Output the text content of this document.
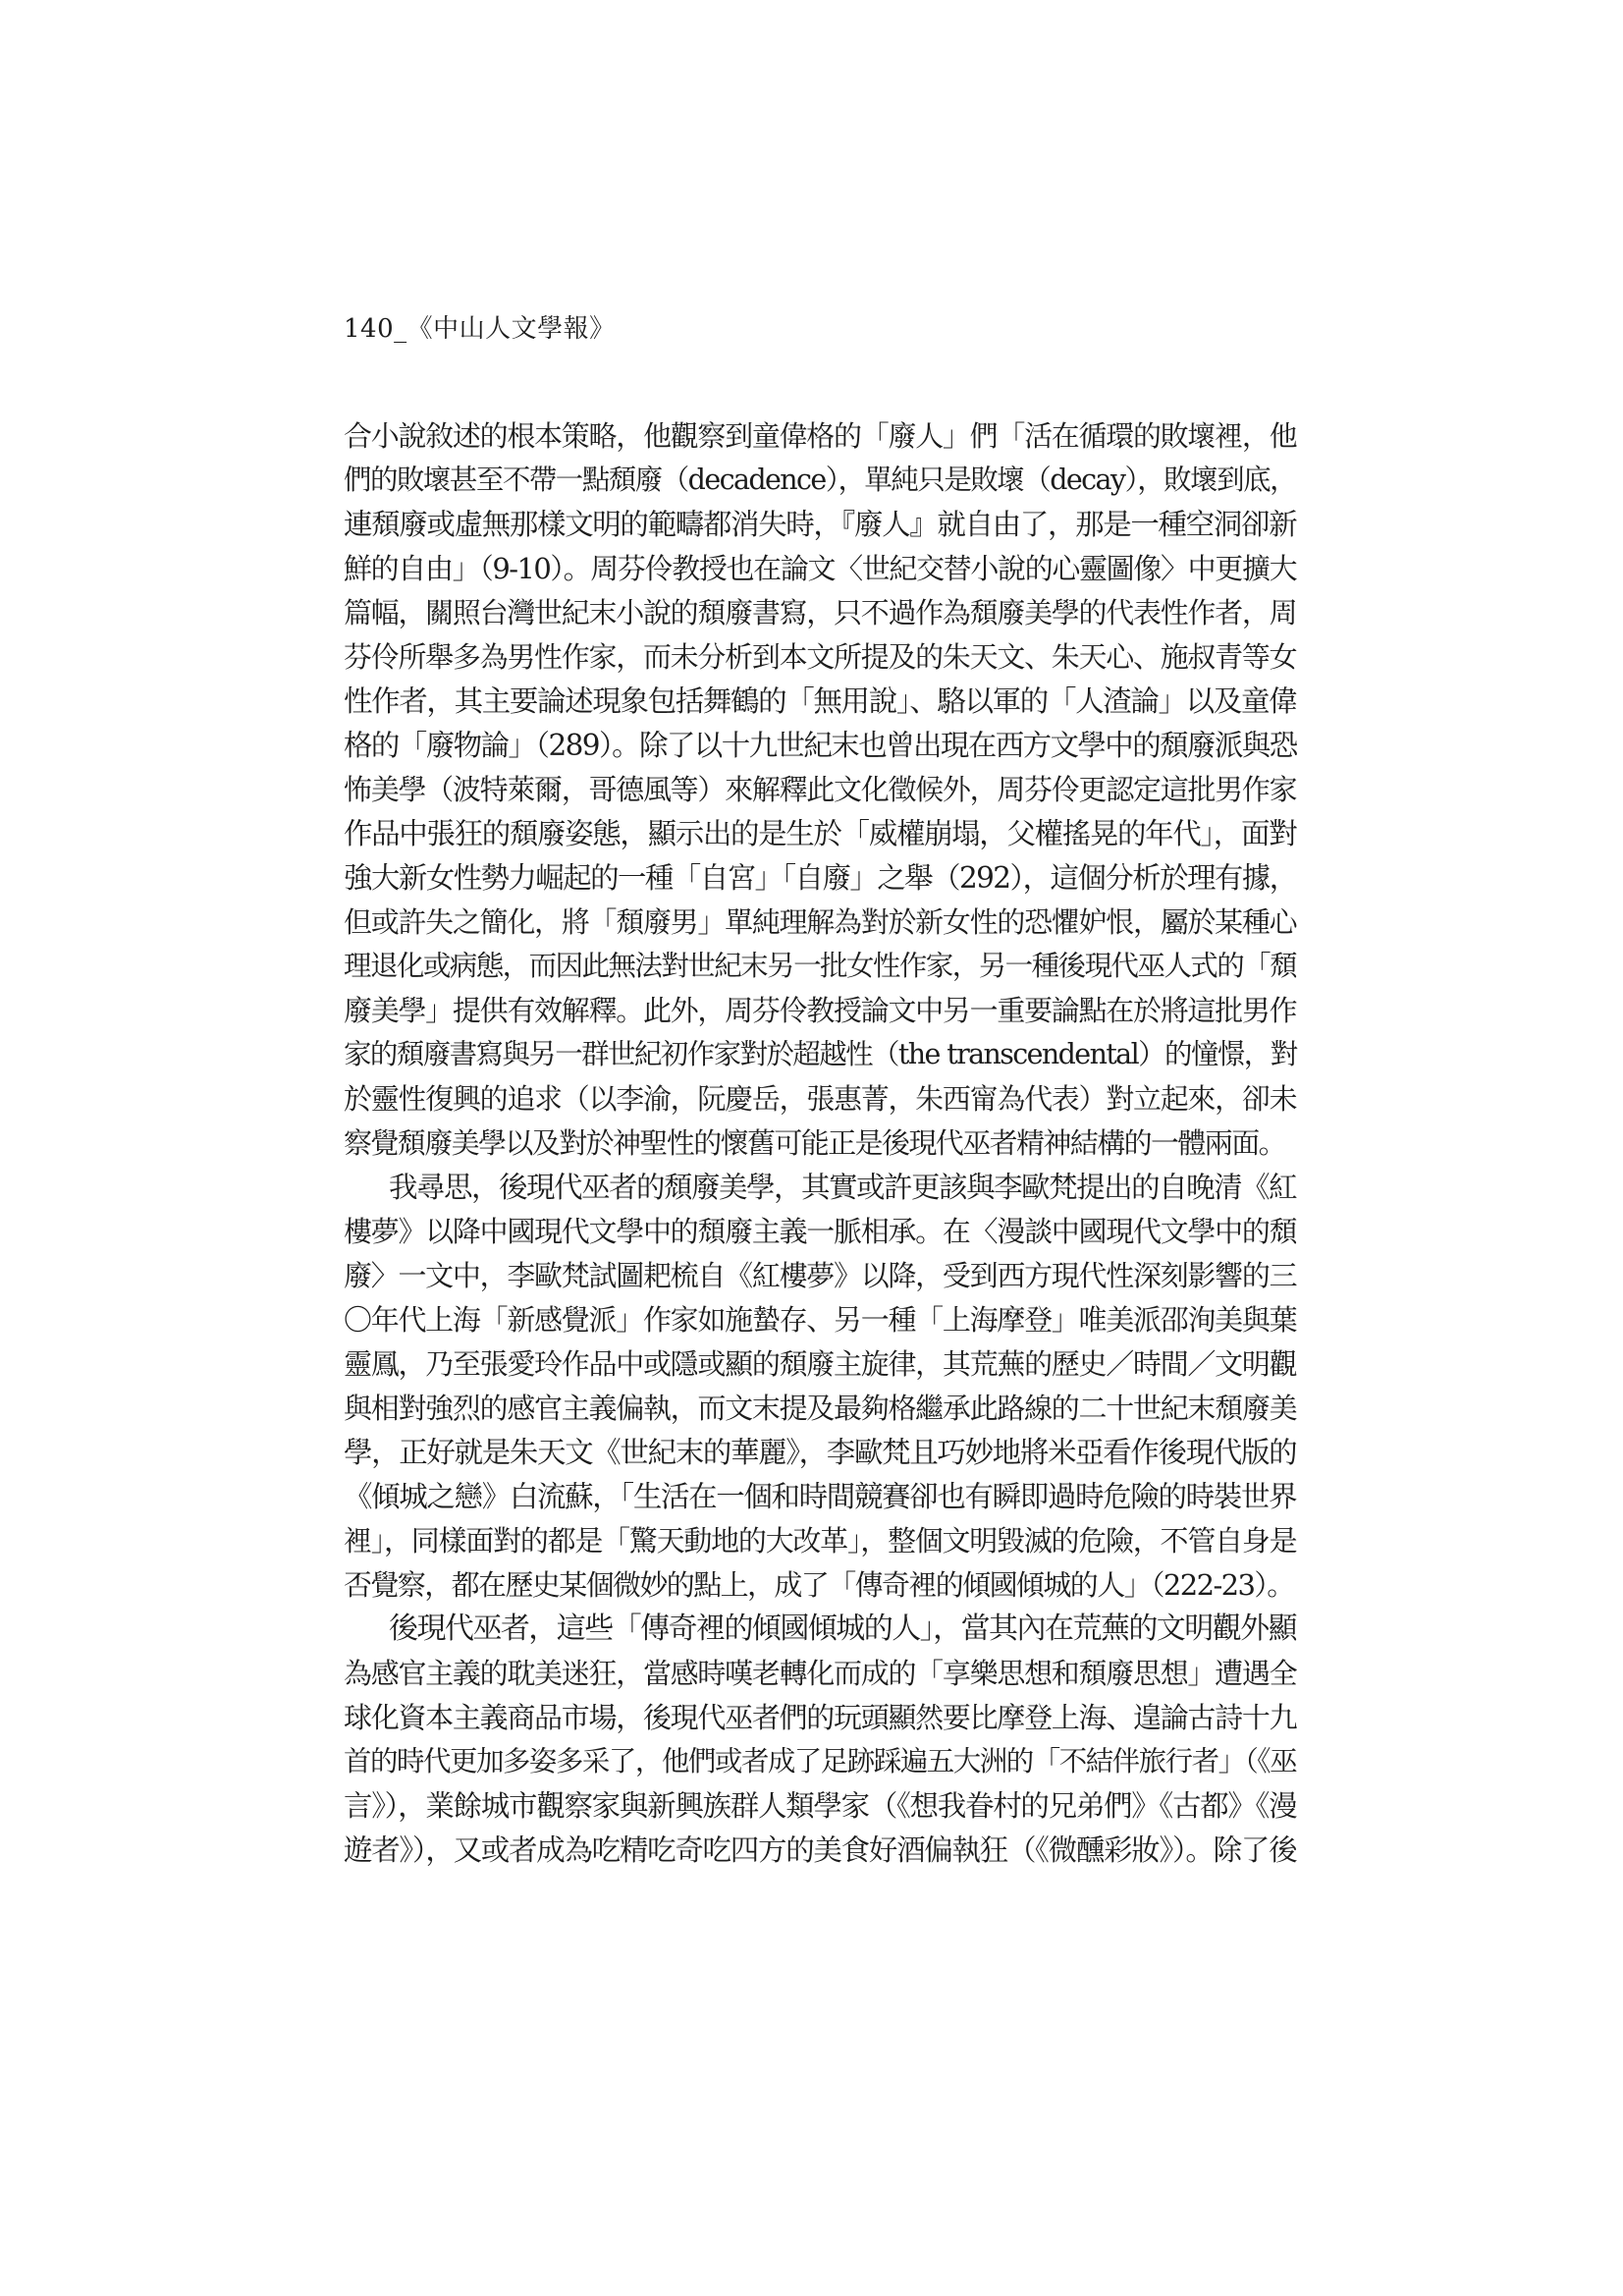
140_《中山人文學報》
合小說敘述的根本策略，他觀察到童偉格的「廢人」們「活在循環的敗壞裡，他
們的敗壞甚至不帶一點頹廢（decadence），單純只是敗壞（decay），敗壞到底，
連頹廢或虛無那樣文明的範疇都消失時，『廢人』就自由了，那是一種空洞卻新
鮮的自由」（9-10）。周芬伶教授也在論文〈世紀交替小說的心靈圖像〉中更擴大
篇幅，關照台灣世紀末小說的頹廢書寫，只不過作為頹廢美學的代表性作者，周
芬伶所舉多為男性作家，而未分析到本文所提及的朱天文、朱天心、施叔青等女
性作者，其主要論述現象包括舞鶴的「無用說」、駱以軍的「人渣論」以及童偉
格的「廢物論」（289）。除了以十九世紀末也曾出現在西方文學中的頹廢派與恐
怖美學（波特萊爾，哥德風等）來解釋此文化徵候外，周芬伶更認定這批男作家
作品中張狂的頹廢姿態，顯示出的是生於「威權崩塌，父權搖晃的年代」，面對
強大新女性勢力崛起的一種「自宮」「自廢」之舉（292），這個分析於理有據，
但或許失之簡化，將「頹廢男」單純理解為對於新女性的恐懼妒恨，屬於某種心
理退化或病態，而因此無法對世紀末另一批女性作家，另一種後現代巫人式的「頹
廢美學」提供有效解釋。此外，周芬伶教授論文中另一重要論點在於將這批男作
家的頹廢書寫與另一群世紀初作家對於超越性（the transcendental）的憧憬，對
於靈性復興的追求（以李渝，阮慶岳，張惠菁，朱西甯為代表）對立起來，卻未
察覺頹廢美學以及對於神聖性的懷舊可能正是後現代巫者精神結構的一體兩面。
我尋思，後現代巫者的頹廢美學，其實或許更該與李歐梵提出的自晚清《紅
樓夢》以降中國現代文學中的頹廢主義一脈相承。在〈漫談中國現代文學中的頹
廢〉一文中，李歐梵試圖耙梳自《紅樓夢》以降，受到西方現代性深刻影響的三
〇年代上海「新感覺派」作家如施蟄存、另一種「上海摩登」唯美派邵洵美與葉
靈鳳，乃至張愛玲作品中或隱或顯的頹廢主旋律，其荒蕪的歷史／時間／文明觀
與相對強烈的感官主義偏執，而文末提及最夠格繼承此路線的二十世紀末頹廢美
學，正好就是朱天文《世紀末的華麗》，李歐梵且巧妙地將米亞看作後現代版的
《傾城之戀》白流蘇，「生活在一個和時間競賽卻也有瞬即過時危險的時裝世界
裡」，同樣面對的都是「驚天動地的大改革」，整個文明毀滅的危險，不管自身是
否覺察，都在歷史某個微妙的點上，成了「傳奇裡的傾國傾城的人」（222-23）。
後現代巫者，這些「傳奇裡的傾國傾城的人」，當其內在荒蕪的文明觀外顯
為感官主義的耽美迷狂，當感時嘆老轉化而成的「享樂思想和頹廢思想」遭遇全
球化資本主義商品市場，後現代巫者們的玩頭顯然要比摩登上海、遑論古詩十九
首的時代更加多姿多采了，他們或者成了足跡踩遍五大洲的「不結伴旅行者」（《巫
言》），業餘城市觀察家與新興族群人類學家（《想我眷村的兄弟們》《古都》《漫
遊者》），又或者成為吃精吃奇吃四方的美食好酒偏執狂（《微醺彩妝》）。除了後
